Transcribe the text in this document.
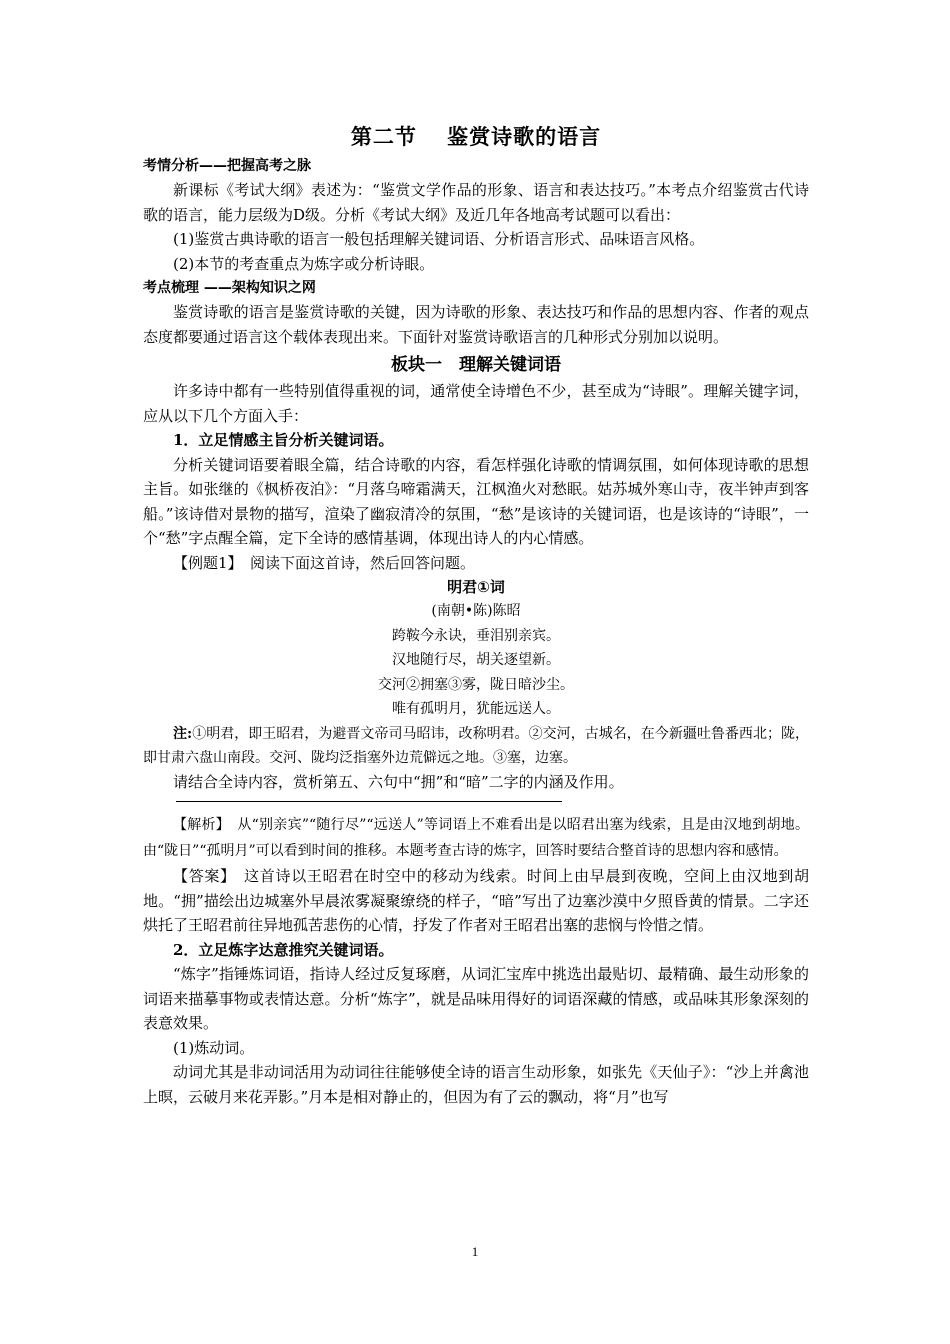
第二节　 鉴赏诗歌的语言

考情分析——把握高考之脉

新课标《考试大纲》表述为：“鉴赏文学作品的形象、语言和表达技巧。”本考点介绍鉴赏古代诗歌的语言，能力层级为D级。分析《考试大纲》及近几年各地高考试题可以看出：

(1)鉴赏古典诗歌的语言一般包括理解关键词语、分析语言形式、品味语言风格。

(2)本节的考查重点为炼字或分析诗眼。

考点梳理 ——架构知识之网

鉴赏诗歌的语言是鉴赏诗歌的关键，因为诗歌的形象、表达技巧和作品的思想内容、作者的观点态度都要通过语言这个载体表现出来。下面针对鉴赏诗歌语言的几种形式分别加以说明。

板块一　理解关键词语

许多诗中都有一些特别值得重视的词，通常使全诗增色不少，甚至成为“诗眼”。理解关键字词，应从以下几个方面入手：

1．立足情感主旨分析关键词语。

分析关键词语要着眼全篇，结合诗歌的内容，看怎样强化诗歌的情调氛围，如何体现诗歌的思想主旨。如张继的《枫桥夜泊》：“月落乌啼霜满天，江枫渔火对愁眠。姑苏城外寒山寺，夜半钟声到客船。”该诗借对景物的描写，渲染了幽寂清冷的氛围，“愁”是该诗的关键词语，也是该诗的“诗眼”，一个“愁”字点醒全篇，定下全诗的感情基调，体现出诗人的内心情感。

【例题1】　阅读下面这首诗，然后回答问题。

明君①词

(南朝•陈)陈昭

跨鞍今永诀，垂泪别亲宾。

汉地随行尽，胡关逐望新。

交河②拥塞③雾，陇日暗沙尘。

唯有孤明月，犹能远送人。

注:①明君，即王昭君，为避晋文帝司马昭讳，改称明君。②交河，古城名，在今新疆吐鲁番西北；陇，即甘肃六盘山南段。交河、陇均泛指塞外边荒僻远之地。③塞，边塞。

请结合全诗内容，赏析第五、六句中“拥”和“暗”二字的内涵及作用。

【解析】　从“别亲宾”“随行尽”“远送人”等词语上不难看出是以昭君出塞为线索，且是由汉地到胡地。由“陇日”“孤明月”可以看到时间的推移。本题考查古诗的炼字，回答时要结合整首诗的思想内容和感情。

【答案】　这首诗以王昭君在时空中的移动为线索。时间上由早晨到夜晚，空间上由汉地到胡地。“拥”描绘出边城塞外早晨浓雾凝聚缭绕的样子，“暗”写出了边塞沙漠中夕照昏黄的情景。二字还烘托了王昭君前往异地孤苦悲伤的心情，抒发了作者对王昭君出塞的悲悯与怜惜之情。

2．立足炼字达意推究关键词语。

“炼字”指锤炼词语，指诗人经过反复琢磨，从词汇宝库中挑选出最贴切、最精确、最生动形象的词语来描摹事物或表情达意。分析“炼字”，就是品味用得好的词语深藏的情感，或品味其形象深刻的表意效果。

(1)炼动词。

动词尤其是非动词活用为动词往往能够使全诗的语言生动形象，如张先《天仙子》：“沙上并禽池上暝，云破月来花弄影。”月本是相对静止的，但因为有了云的飘动，将“月”也写

1
